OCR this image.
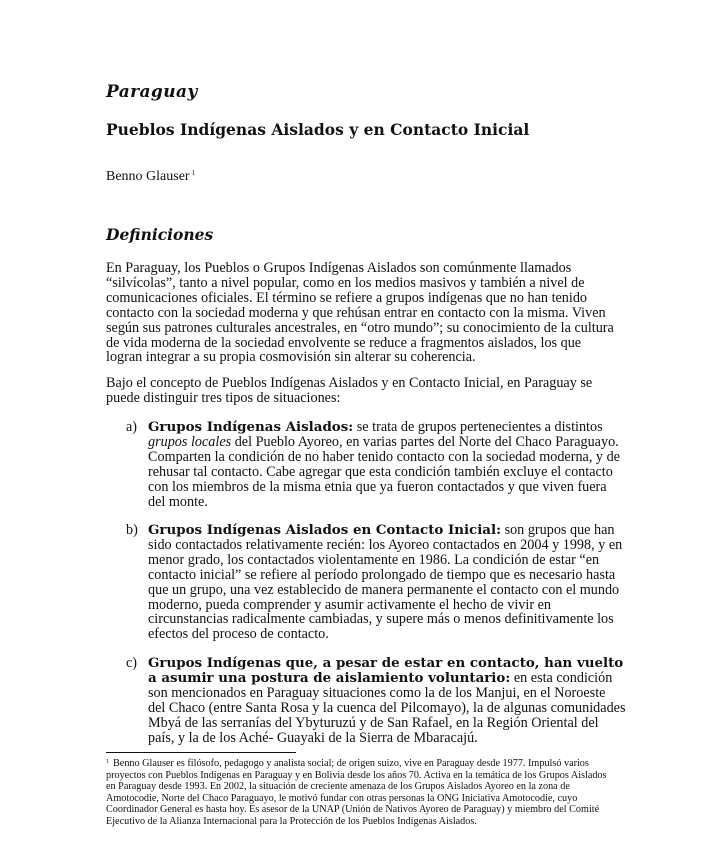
Paraguay
Pueblos Indígenas Aislados y en Contacto Inicial
Benno Glauser $^1$
Definiciones

En Paraguay, los Pueblos o Grupos Indígenas Aislados son comúnmente llamados “silvícolas”, tanto a nivel popular, como en los medios masivos y también a nivel de comunicaciones oficiales. El término se refiere a grupos indígenas que no han tenido contacto con la sociedad moderna y que rehúsan entrar en contacto con la misma. Viven según sus patrones culturales ancestrales, en “otro mundo”; su conocimiento de la cultura de vida moderna de la sociedad envolvente se reduce a fragmentos aislados, los que logran integrar a su propia cosmovisión sin alterar su coherencia.

Bajo el concepto de Pueblos Indígenas Aislados y en Contacto Inicial, en Paraguay se puede distinguir tres tipos de situaciones:

a) Grupos Indígenas Aislados: se trata de grupos pertenecientes a distintos grupos locales del Pueblo Ayoreo, en varias partes del Norte del Chaco Paraguayo. Comparten la condición de no haber tenido contacto con la sociedad moderna, y de rehusar tal contacto. Cabe agregar que esta condición también excluye el contacto con los miembros de la misma etnia que ya fueron contactados y que viven fuera del monte.
b) Grupos Indígenas Aislados en Contacto Inicial: son grupos que han sido contactados relativamente recién: los Ayoreo contactados en 2004 y 1998, y en menor grado, los contactados violentamente en 1986. La condición de estar “en contacto inicial” se refiere al período prolongado de tiempo que es necesario hasta que un grupo, una vez establecido de manera permanente el contacto con el mundo moderno, pueda comprender y asumir activamente el hecho de vivir en circunstancias radicalmente cambiadas, y supere más o menos definitivamente los efectos del proceso de contacto.
c) Grupos Indígenas que, a pesar de estar en contacto, han vuelto a asumir una postura de aislamiento voluntario: en esta condición son mencionados en Paraguay situaciones como la de los Manjui, en el Noroeste del Chaco (entre Santa Rosa y la cuenca del Pilcomayo), la de algunas comunidades Mbyá de las serranías del Ybyturuzú y de San Rafael, en la Región Oriental del país, y la de los Aché- Guayaki de la Sierra de Mbaracajú.
$^1$ Benno Glauser es filósofo, pedagogo y analista social; de origen suizo, vive en Paraguay desde 1977. Impulsó varios proyectos con Pueblos Indígenas en Paraguay y en Bolivia desde los años 70. Activa en la temática de los Grupos Aislados en Paraguay desde 1993. En 2002, la situación de creciente amenaza de los Grupos Aislados Ayoreo en la zona de Amotocodie, Norte del Chaco Paraguayo, le motivó fundar con otras personas la ONG Iniciativa Amotocodie, cuyo Coordinador General es hasta hoy. Es asesor de la UNAP (Unión de Nativos Ayoreo de Paraguay) y miembro del Comité Ejecutivo de la Alianza Internacional para la Protección de los Pueblos Indígenas Aislados.
